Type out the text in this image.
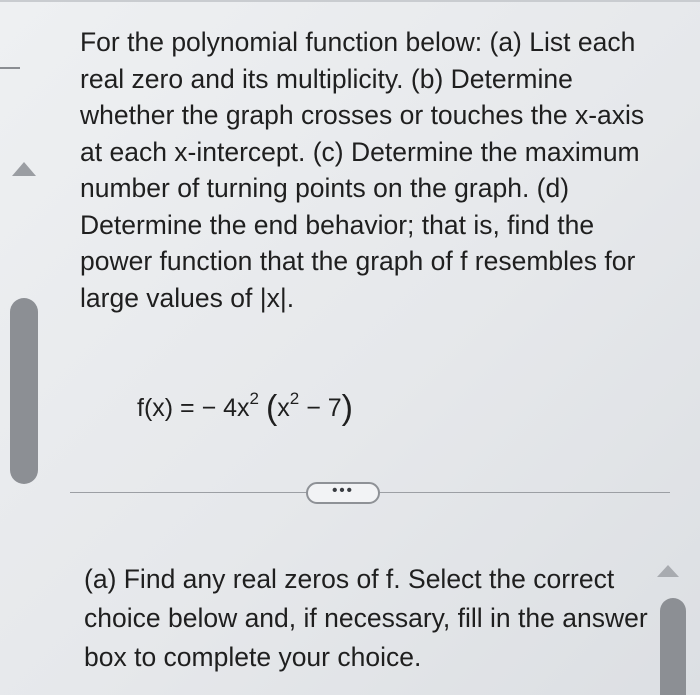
For the polynomial function below: (a) List each real zero and its multiplicity. (b) Determine whether the graph crosses or touches the x-axis at each x-intercept. (c) Determine the maximum number of turning points on the graph. (d) Determine the end behavior; that is, find the power function that the graph of f resembles for large values of |x|.

f(x) = − $4x^2$ $(x^2 - 7)$
•••

(a) Find any real zeros of f. Select the correct choice below and, if necessary, fill in the answer box to complete your choice.
